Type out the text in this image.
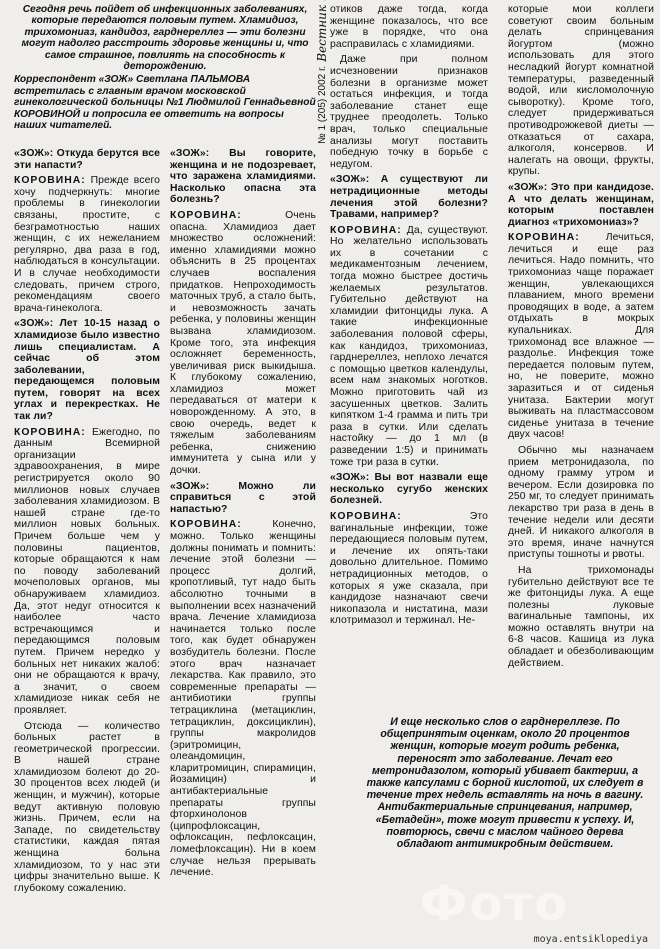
Сегодня речь пойдет об инфекционных заболеваниях, которые передаются половым путем. Хламидиоз, трихомониаз, кандидоз, гарднереллез — эти болезни могут надолго расстроить здоровье женщины и, что самое страшное, повлиять на способность к деторождению.

Корреспондент «ЗОЖ» Светлана ПАЛЬМОВА встретилась с главным врачом московской гинекологической больницы №1 Людмилой Геннадьевной КОРОВИНОЙ и попросила ее ответить на вопросы наших читателей.	№ 1 (205) 2002 г.
Вестник

«ЗОЖ»: Откуда берутся все эти напасти?

КОРОВИНА: Прежде всего хочу подчеркнуть: многие проблемы в гинекологии связаны, простите, с безграмотностью наших женщин, с их нежеланием регулярно, два раза в год, наблюдаться в консультации. И в случае необходимости следовать, причем строго, рекомендациям своего врача-гинеколога.

«ЗОЖ»: Лет 10-15 назад о хламидиозе было известно лишь специалистам. А сейчас об этом заболевании, передающемся половым путем, говорят на всех углах и перекрестках. Не так ли?

КОРОВИНА: Ежегодно, по данным Всемирной организации здравоохранения, в мире регистрируется около 90 миллионов новых случаев заболевания хламидиозом. В нашей стране где-то миллион новых больных. Причем больше чем у половины пациентов, которые обращаются к нам по поводу заболеваний мочеполовых органов, мы обнаруживаем хламидиоз. Да, этот недуг относится к наиболее часто встречающимся и передающимся половым путем. Причем нередко у больных нет никаких жалоб: они не обращаются к врачу, а значит, о своем хламидиозе никак себя не проявляет.

Отсюда — количество больных растет в геометрической прогрессии. В нашей стране хламидиозом болеют до 20-30 процентов всех людей (и женщин, и мужчин), которые ведут активную половую жизнь. Причем, если на Западе, по свидетельству статистики, каждая пятая женщина больна хламидиозом, то у нас эти цифры значительно выше. К глубокому сожалению.

«ЗОЖ»: Вы говорите, женщина и не подозревает, что заражена хламидиями. Насколько опасна эта болезнь?

КОРОВИНА:	Очень опасна. Хламидиоз дает множество осложнений: именно хламидиями можно объяснить в 25 процентах случаев воспаления придатков. Непроходимость маточных труб, а стало быть, и невозможность зачать ребенка, у половины женщин вызвана хламидиозом. Кроме того, эта инфекция осложняет беременность, увеличивая риск выкидыша. К глубокому сожалению, хламидиоз может передаваться от матери к новорожденному. А это, в свою очередь, ведет к тяжелым заболеваниям ребенка, снижению иммунитета у сына или у дочки.

«ЗОЖ»: Можно ли справиться с этой напастью?

КОРОВИНА:	Конечно, можно. Только женщины должны понимать и помнить: лечение этой болезни — процесс долгий, кропотливый, тут надо быть абсолютно точными в выполнении всех назначений врача. Лечение хламидиоза начинается только после того, как будет обнаружен возбудитель болезни. После этого врач назначает лекарства. Как правило, это современные препараты — антибиотики группы тетрациклина (метациклин, тетрациклин, доксициклин), группы макролидов (эритромицин, олеандомицин, кларитромицин, спирамицин, йозамицин) и антибактериальные препараты группы фторхинолонов (ципрофлоксацин, офлоксацин, пефлоксацин, ломефлоксацин). Ни в коем случае нельзя прерывать лечение.

отиков даже тогда, когда женщине показалось, что все уже в порядке, что она расправилась с хламидиями.

Даже при полном исчезновении признаков болезни в организме может остаться инфекция, и тогда заболевание станет еще труднее преодолеть. Только врач, только специальные анализы могут поставить победную точку в борьбе с недугом.

«ЗОЖ»: А существуют ли нетрадиционные методы лечения этой болезни? Травами, например?

КОРОВИНА: Да, существуют. Но желательно использовать их в сочетании с медикаментозным лечением, тогда можно быстрее достичь желаемых результатов. Губительно действуют на хламидии фитонциды лука. А такие инфекционные заболевания половой сферы, как кандидоз, трихомониаз, гарднереллез, неплохо лечатся с помощью цветков календулы, всем нам знакомых ноготков. Можно приготовить чай из засушенных цветков. Залить кипятком 1-4 грамма и пить три раза в сутки. Или сделать настойку — до 1 мл (в разведении 1:5) и принимать тоже три раза в сутки.

«ЗОЖ»: Вы вот назвали еще несколько сугубо женских болезней.

КОРОВИНА:	Это вагинальные инфекции, тоже передающиеся половым путем, и лечение их опять-таки довольно длительное. Помимо нетрадиционных методов, о которых я уже сказала, при кандидозе назначают свечи никопазола и нистатина, мази клотримазол и тержинал. Не-

которые мои коллеги советуют своим больным делать спринцевания йогуртом (можно использовать для этого несладкий йогурт комнатной температуры, разведенный водой, или кисломолочную сыворотку). Кроме того, следует придерживаться противодрожжевой диеты — отказаться от сахара, алкоголя, консервов. И налегать на овощи, фрукты, крупы.

«ЗОЖ»: Это при кандидозе. А что делать женщинам, которым поставлен диагноз «трихомониаз»?

КОРОВИНА: Лечиться, лечиться и еще раз лечиться. Надо помнить, что трихомониаз чаще поражает женщин, увлекающихся плаванием, много времени проводящих в воде, а затем отдыхать в мокрых купальниках. Для трихомонад все влажное — раздолье. Инфекция тоже передается половым путем, но, не поверите, можно заразиться и от сиденья унитаза. Бактерии могут выживать на пластмассовом сиденье унитаза в течение двух часов!

Обычно мы назначаем прием метронидазола, по одному грамму утром и вечером. Если дозировка по 250 мг, то следует принимать лекарство три раза в день в течение недели или десяти дней. И никакого алкоголя в это время, иначе начнутся приступы тошноты и рвоты.

На трихомонады губительно действуют все те же фитонциды лука. А еще полезны луковые вагинальные тампоны, их можно оставлять внутри на 6-8 часов. Кашица из лука обладает и обезболивающим действием.

И еще несколько слов о гарднереллезе. По общепринятым оценкам, около 20 процентов женщин, которые могут родить ребенка, переносят это заболевание. Лечат его метронидазолом, который убивает бактерии, а также капсулами с борной кислотой, их следует в течение трех недель вставлять на ночь в вагину. Антибактериальные спринцевания, например, «Бетадейн», тоже могут привести к успеху. И, повторюсь, свечи с маслом чайного дерева обладают антимикробным действием.
Фото
moya.entsiklopediya
